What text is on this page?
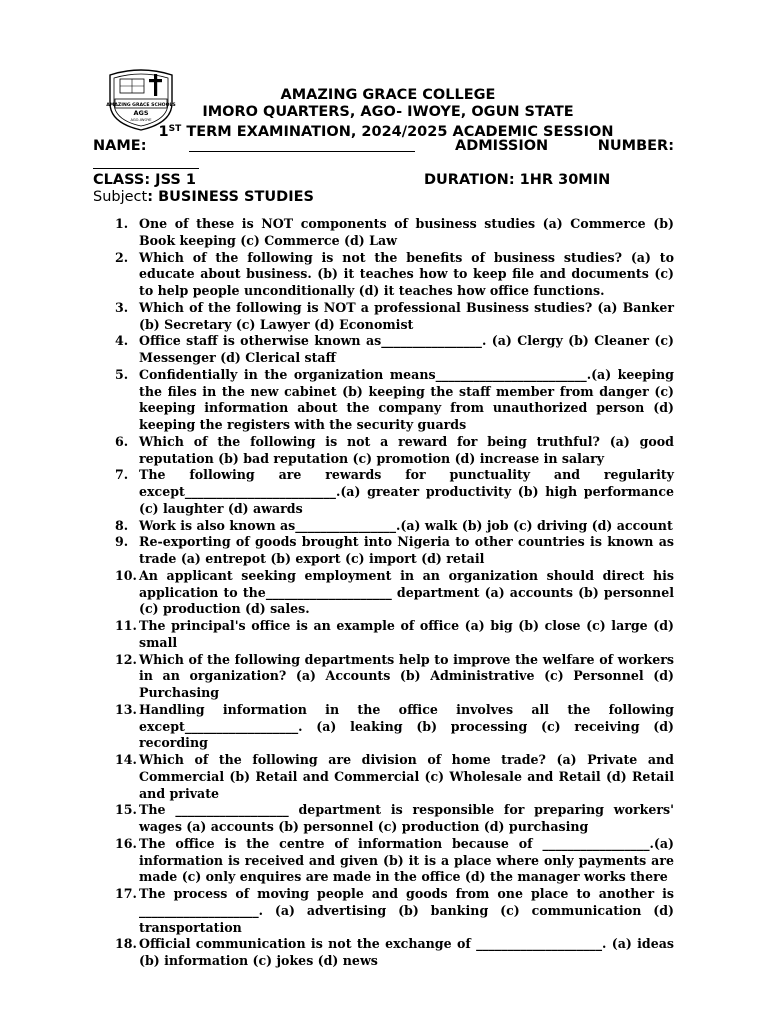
AMAZING GRACE SCHOOLS
AGS
AGO-IWOYE
AMAZING GRACE COLLEGE
IMORO QUARTERS, AGO- IWOYE, OGUN STATE
1ST TERM EXAMINATION, 2024/2025 ACADEMIC SESSION
NAME:	ADMISSION	NUMBER:
CLASS: JSS 1	DURATION: 1HR 30MIN
Subject: BUSINESS STUDIES
1. One of these is NOT components of business studies (a) Commerce (b) Book keeping (c) Commerce (d) Law
2. Which of the following is not the benefits of business studies? (a) to educate about business. (b) it teaches how to keep file and documents (c) to help people unconditionally (d) it teaches how office functions.
3. Which of the following is NOT a professional Business studies? (a) Banker (b) Secretary (c) Lawyer (d) Economist
4. Office staff is otherwise known as________________. (a) Clergy (b) Cleaner (c) Messenger (d) Clerical staff
5. Confidentially in the organization means________________________.(a) keeping the files in the new cabinet (b) keeping the staff member from danger (c) keeping information about the company from unauthorized person (d) keeping the registers with the security guards
6. Which of the following is not a reward for being truthful? (a) good reputation (b) bad reputation (c) promotion (d) increase in salary
7. The following are rewards for punctuality and regularity except________________________.(a) greater productivity (b) high performance (c) laughter (d) awards
8. Work is also known as________________.(a) walk (b) job (c) driving (d) account
9. Re-exporting of goods brought into Nigeria to other countries is known as trade (a) entrepot (b) export (c) import (d) retail
10. An applicant seeking employment in an organization should direct his application to the____________________ department (a) accounts (b) personnel (c) production (d) sales.
11. The principal's office is an example of office (a) big (b) close (c) large (d) small
12. Which of the following departments help to improve the welfare of workers in an organization? (a) Accounts (b) Administrative (c) Personnel (d) Purchasing
13. Handling information in the office involves all the following except__________________. (a) leaking (b) processing (c) receiving (d) recording
14. Which of the following are division of home trade? (a) Private and Commercial (b) Retail and Commercial (c) Wholesale and Retail (d) Retail and private
15. The __________________ department is responsible for preparing workers' wages (a) accounts (b) personnel (c) production (d) purchasing
16. The office is the centre of information because of _________________.(a) information is received and given (b) it is a place where only payments are made (c) only enquires are made in the office (d) the manager works there
17. The process of moving people and goods from one place to another is ___________________. (a) advertising (b) banking (c) communication (d) transportation
18. Official communication is not the exchange of ____________________. (a) ideas (b) information (c) jokes (d) news
